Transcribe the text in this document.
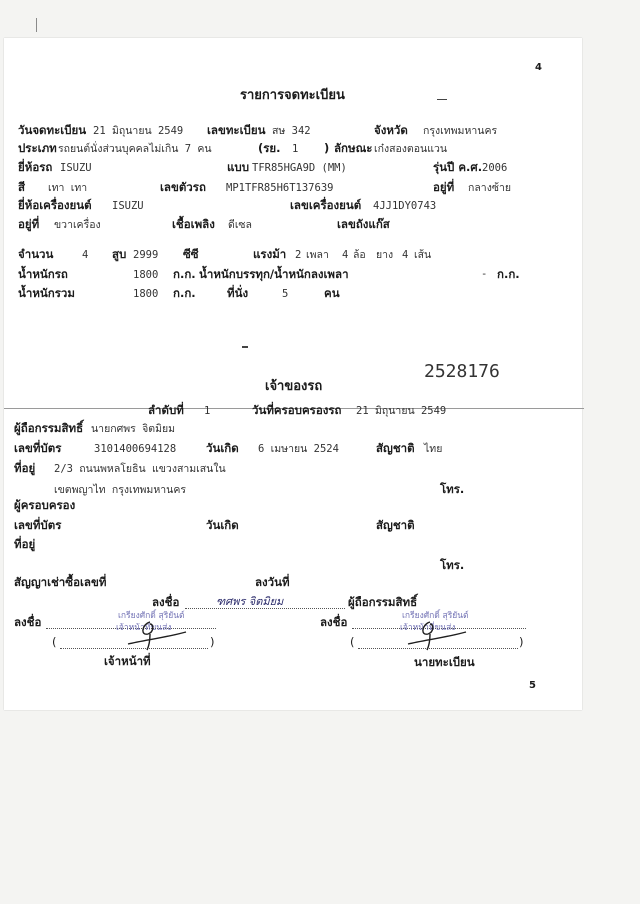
4
รายการจดทะเบียน
วันจดทะเบียน 21 มิถุนายน 2549 เลขทะเบียน สษ 342	จังหวัด กรุงเทพมหานคร
ประเภท รถยนต์นั่งส่วนบุคคลไม่เกิน 7 คน	(รย. 1 ) ลักษณะ เก๋งสองตอนแวน
ยี่ห้อรถ ISUZU	แบบ TFR85HGA9D (MM)	รุ่นปี ค.ศ. 2006
สี เทา เทา	เลขตัวรถ MP1TFR85H6T137639	อยู่ที่ กลางซ้าย
ยี่ห้อเครื่องยนต์ ISUZU	เลขเครื่องยนต์ 4JJ1DY0743
อยู่ที่ ขวาเครื่อง	เชื้อเพลิง ดีเซล	เลขถังแก๊ส
จำนวน	4 สูบ 2999 ซีซี	แรงม้า 2 เพลา 4 ล้อ ยาง 4 เส้น
น้ำหนักรถ	1800 ก.ก. น้ำหนักบรรทุก/น้ำหนักลงเพลา	- ก.ก.
น้ำหนักรวม	1800 ก.ก.	ที่นั่ง	5	คน
2528176
เจ้าของรถ
ลำดับที่ 1	วันที่ครอบครองรถ 21 มิถุนายน 2549
ผู้ถือกรรมสิทธิ์ นายกศพร จิตมิยม
เลขที่บัตร	3101400694128	วันเกิด 6 เมษายน 2524	สัญชาติ ไทย
ที่อยู่ 2/3 ถนนพหลโยธิน แขวงสามเสนใน
เขตพญาไท กรุงเทพมหานคร	โทร.
ผู้ครอบครอง
เลขที่บัตร	วันเกิด	สัญชาติ
ที่อยู่
โทร.
สัญญาเช่าซื้อเลขที่	ลงวันที่
ลงชื่อ	ฑศพร จิตมิยม	ผู้ถือกรรมสิทธิ์
ลงชื่อ
(	)
เกรียงศักดิ์ สุริยันต์
เจ้าหน้าที่ขนส่ง
เจ้าหน้าที่
ลงชื่อ
(	)
เกรียงศักดิ์ สุริยันต์
เจ้าหน้าที่ขนส่ง
นายทะเบียน
5
